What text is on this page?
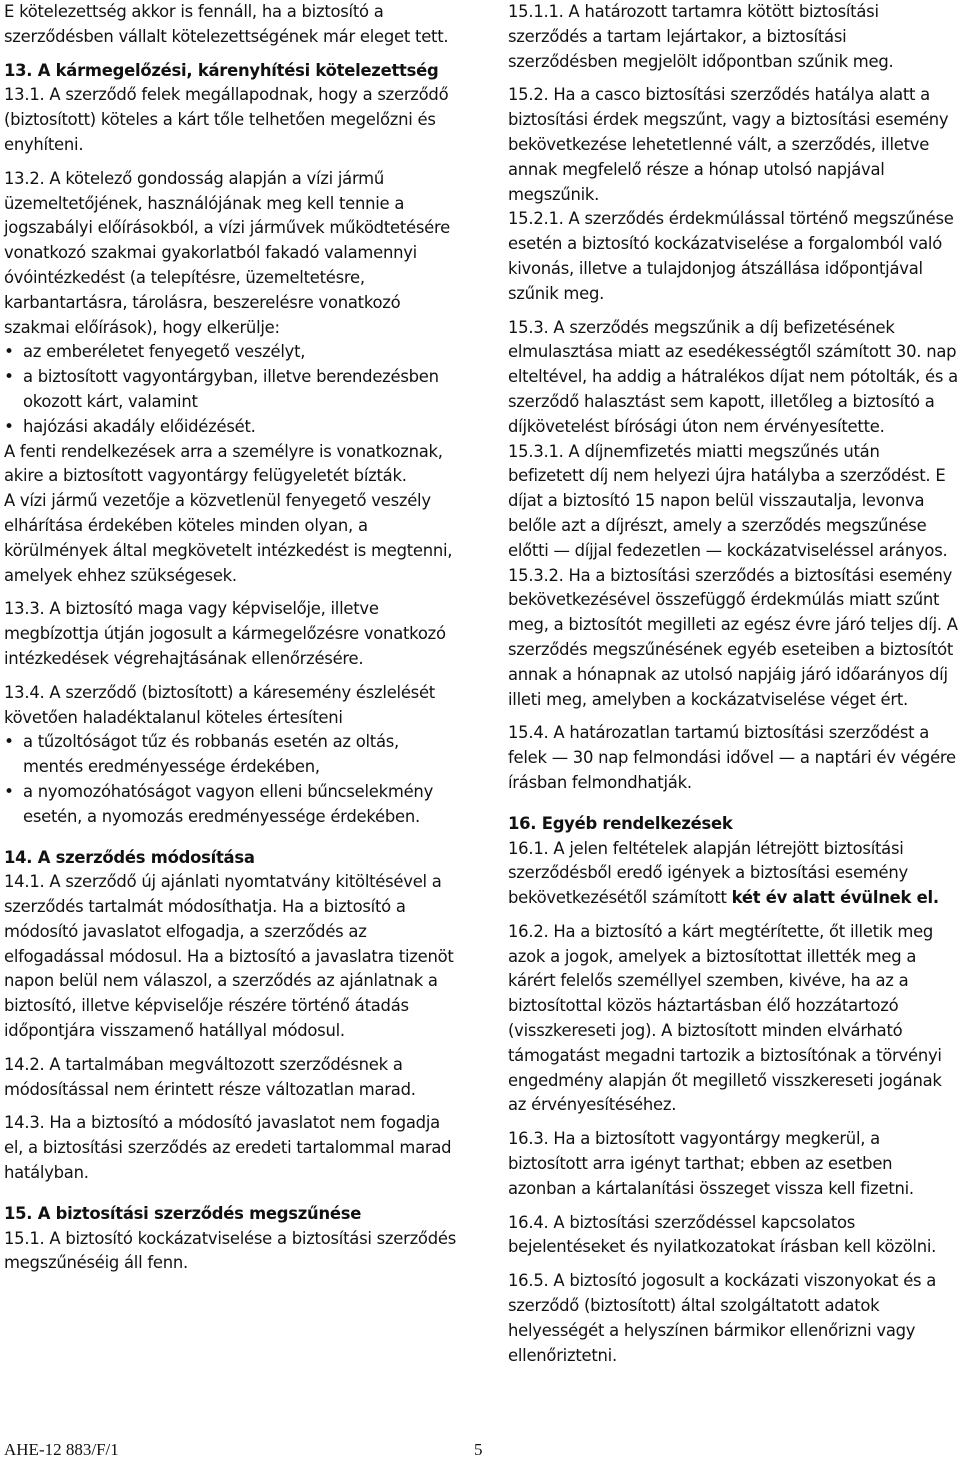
E kötelezettség akkor is fennáll, ha a biztosító a szerződésben vállalt kötelezettségének már eleget tett.
13. A kármegelőzési, kárenyhítési kötelezettség
13.1. A szerződő felek megállapodnak, hogy a szerződő (biztosított) köteles a kárt tőle telhetően megelőzni és enyhíteni.
13.2. A kötelező gondosság alapján a vízi jármű üzemeltetőjének, használójának meg kell tennie a jogszabályi előírásokból, a vízi járművek működtetésére vonatkozó szakmai gyakorlatból fakadó valamennyi óvóintézkedést (a telepítésre, üzemeltetésre, karbantartásra, tárolásra, beszerelésre vonatkozó szakmai előírások), hogy elkerülje:
• az emberéletet fenyegető veszélyt,
• a biztosított vagyontárgyban, illetve berendezésben okozott kárt, valamint
• hajózási akadály előidézését.
A fenti rendelkezések arra a személyre is vonatkoznak, akire a biztosított vagyontárgy felügyeletét bízták.
A vízi jármű vezetője a közvetlenül fenyegető veszély elhárítása érdekében köteles minden olyan, a körülmények által megkövetelt intézkedést is megtenni, amelyek ehhez szükségesek.
13.3. A biztosító maga vagy képviselője, illetve megbízottja útján jogosult a kármegelőzésre vonatkozó intézkedések végrehajtásának ellenőrzésére.
13.4. A szerződő (biztosított) a káresemény észlelését követően haladéktalanul köteles értesíteni
• a tűzoltóságot tűz és robbanás esetén az oltás, mentés eredményessége érdekében,
• a nyomozóhatóságot vagyon elleni bűncselekmény esetén, a nyomozás eredményessége érdekében.
14. A szerződés módosítása
14.1. A szerződő új ajánlati nyomtatvány kitöltésével a szerződés tartalmát módosíthatja. Ha a biztosító a módosító javaslatot elfogadja, a szerződés az elfogadással módosul. Ha a biztosító a javaslatra tizenöt napon belül nem válaszol, a szerződés az ajánlatnak a biztosító, illetve képviselője részére történő átadás időpontjára visszamenő hatállyal módosul.
14.2. A tartalmában megváltozott szerződésnek a módosítással nem érintett része változatlan marad.
14.3. Ha a biztosító a módosító javaslatot nem fogadja el, a biztosítási szerződés az eredeti tartalommal marad hatályban.
15. A biztosítási szerződés megszűnése
15.1. A biztosító kockázatviselése a biztosítási szerződés megszűnéséig áll fenn.
15.1.1. A határozott tartamra kötött biztosítási szerződés a tartam lejártakor, a biztosítási szerződésben megjelölt időpontban szűnik meg.
15.2. Ha a casco biztosítási szerződés hatálya alatt a biztosítási érdek megszűnt, vagy a biztosítási esemény bekövetkezése lehetetlenné vált, a szerződés, illetve annak megfelelő része a hónap utolsó napjával megszűnik.
15.2.1. A szerződés érdekmúlással történő megszűnése esetén a biztosító kockázatviselése a forgalomból való kivonás, illetve a tulajdonjog átszállása időpontjával szűnik meg.
15.3. A szerződés megszűnik a díj befizetésének elmulasztása miatt az esedékességtől számított 30. nap elteltével, ha addig a hátralékos díjat nem pótolták, és a szerződő halasztást sem kapott, illetőleg a biztosító a díjkövetelést bírósági úton nem érvényesítette.
15.3.1. A díjnemfizetés miatti megszűnés után befizetett díj nem helyezi újra hatályba a szerződést. E díjat a biztosító 15 napon belül visszautalja, levonva belőle azt a díjrészt, amely a szerződés megszűnése előtti — díjjal fedezetlen — kockázatviseléssel arányos.
15.3.2. Ha a biztosítási szerződés a biztosítási esemény bekövetkezésével összefüggő érdekmúlás miatt szűnt meg, a biztosítót megilleti az egész évre járó teljes díj. A szerződés megszűnésének egyéb eseteiben a biztosítót annak a hónapnak az utolsó napjáig járó időarányos díj illeti meg, amelyben a kockázatviselése véget ért.
15.4. A határozatlan tartamú biztosítási szerződést a felek — 30 nap felmondási idővel — a naptári év végére írásban felmondhatják.
16. Egyéb rendelkezések
16.1. A jelen feltételek alapján létrejött biztosítási szerződésből eredő igények a biztosítási esemény bekövetkezésétől számított két év alatt évülnek el.
16.2. Ha a biztosító a kárt megtérítette, őt illetik meg azok a jogok, amelyek a biztosítottat illették meg a kárért felelős személlyel szemben, kivéve, ha az a biztosítottal közös háztartásban élő hozzátartozó (visszkereseti jog). A biztosított minden elvárható támogatást megadni tartozik a biztosítónak a törvényi engedmény alapján őt megillető visszkereseti jogának az érvényesítéséhez.
16.3. Ha a biztosított vagyontárgy megkerül, a biztosított arra igényt tarthat; ebben az esetben azonban a kártalanítási összeget vissza kell fizetni.
16.4. A biztosítási szerződéssel kapcsolatos bejelentéseket és nyilatkozatokat írásban kell közölni.
16.5. A biztosító jogosult a kockázati viszonyokat és a szerződő (biztosított) által szolgáltatott adatok helyességét a helyszínen bármikor ellenőrizni vagy ellenőriztetni.
AHE-12 883/F/1	5
